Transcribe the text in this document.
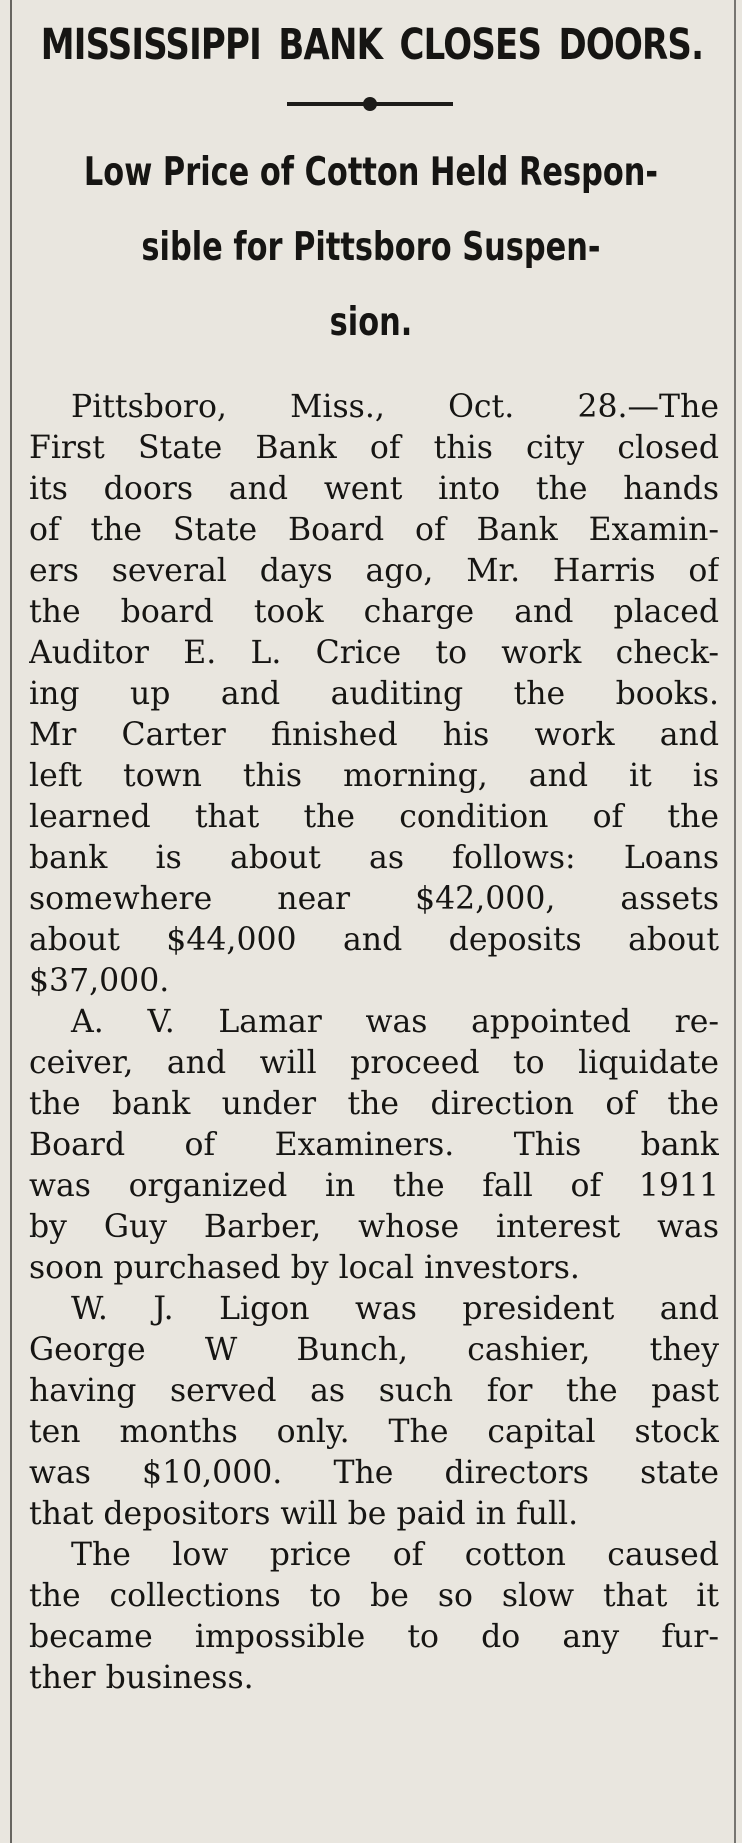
MISSISSIPPI BANK CLOSES DOORS.
Low Price of Cotton Held Respon-
sible for Pittsboro Suspen-
sion.
Pittsboro, Miss., Oct. 28.—The
First State Bank of this city closed
its doors and went into the hands
of the State Board of Bank Examin-
ers several days ago, Mr. Harris of
the board took charge and placed
Auditor E. L. Crice to work check-
ing up and auditing the books.
Mr Carter finished his work and
left town this morning, and it is
learned that the condition of the
bank is about as follows: Loans
somewhere near $42,000, assets
about $44,000 and deposits about
$37,000.
A. V. Lamar was appointed re-
ceiver, and will proceed to liquidate
the bank under the direction of the
Board of Examiners. This bank
was organized in the fall of 1911
by Guy Barber, whose interest was
soon purchased by local investors.
W. J. Ligon was president and
George W Bunch, cashier, they
having served as such for the past
ten months only. The capital stock
was $10,000. The directors state
that depositors will be paid in full.
The low price of cotton caused
the collections to be so slow that it
became impossible to do any fur-
ther business.
